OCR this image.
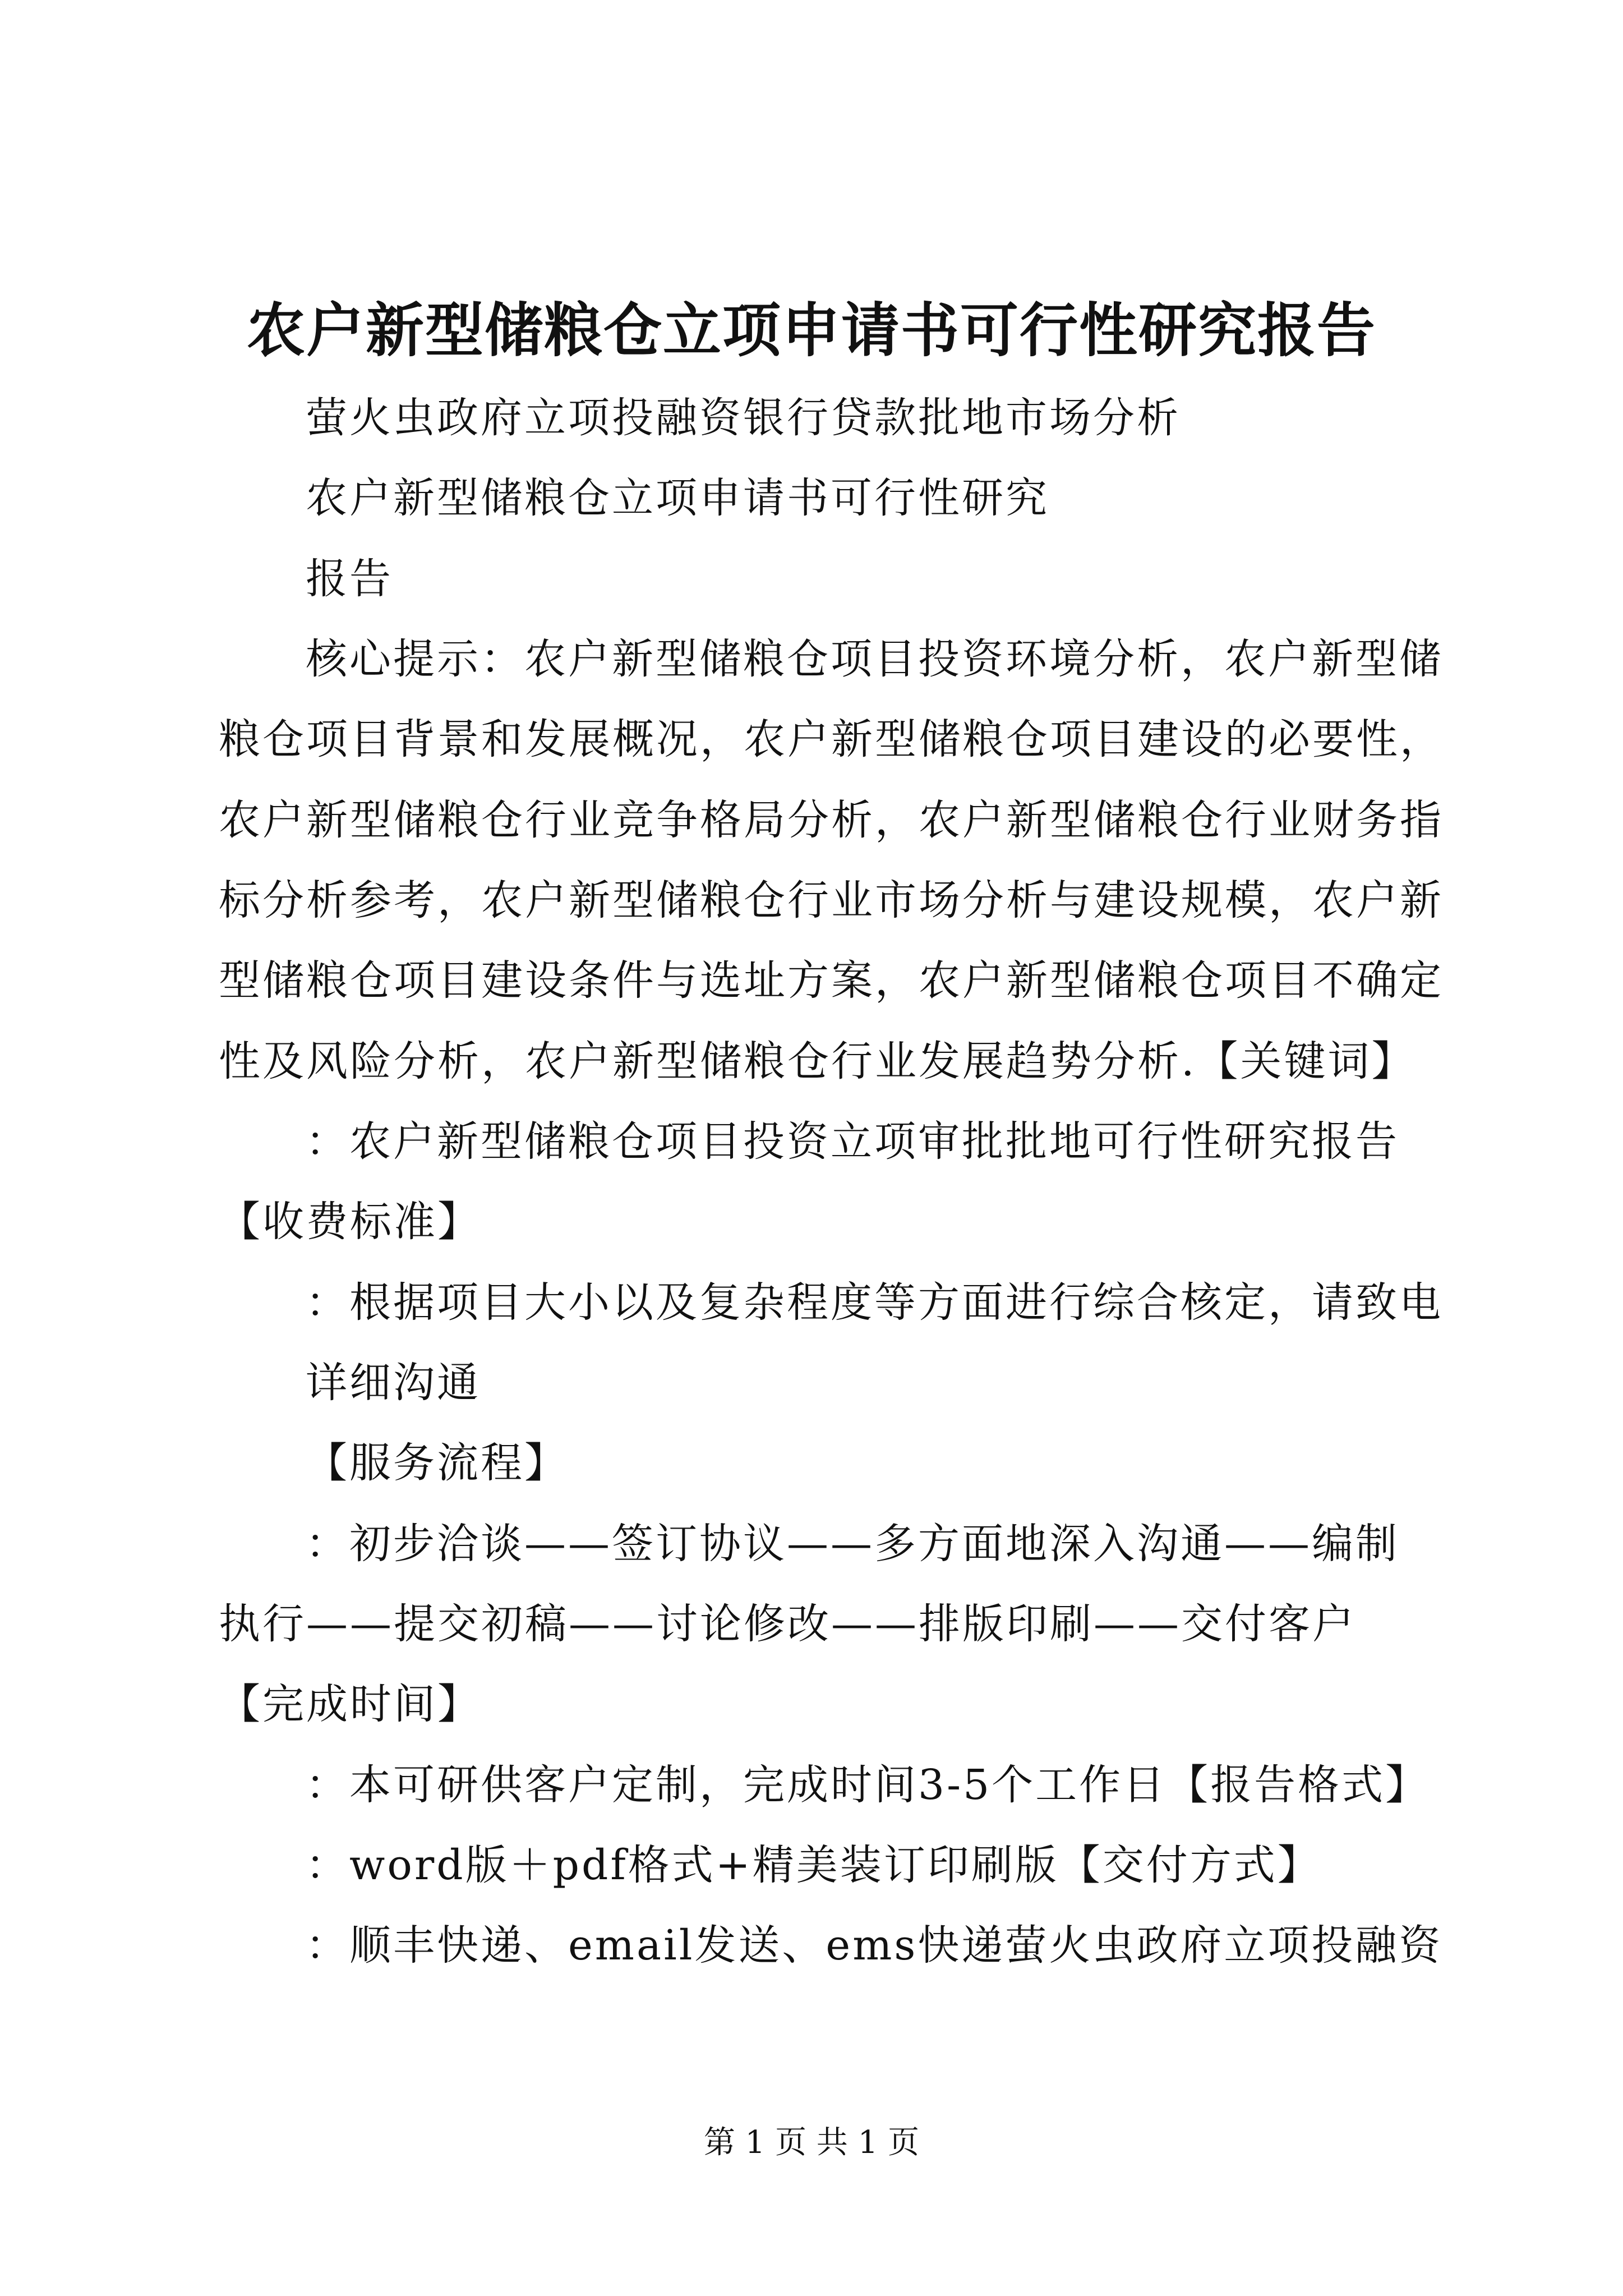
农户新型储粮仓立项申请书可行性研究报告
萤火虫政府立项投融资银行贷款批地市场分析
农户新型储粮仓立项申请书可行性研究
报告
核心提示：农户新型储粮仓项目投资环境分析，农户新型储
粮仓项目背景和发展概况，农户新型储粮仓项目建设的必要性，
农户新型储粮仓行业竞争格局分析，农户新型储粮仓行业财务指
标分析参考，农户新型储粮仓行业市场分析与建设规模，农户新
型储粮仓项目建设条件与选址方案，农户新型储粮仓项目不确定
性及风险分析，农户新型储粮仓行业发展趋势分析.【关键词】
：农户新型储粮仓项目投资立项审批批地可行性研究报告
【收费标准】
：根据项目大小以及复杂程度等方面进行综合核定，请致电
详细沟通
【服务流程】
：初步洽谈——签订协议——多方面地深入沟通——编制
执行——提交初稿——讨论修改——排版印刷——交付客户
【完成时间】
：本可研供客户定制，完成时间3-5个工作日【报告格式】
：word版＋pdf格式+精美装订印刷版【交付方式】
：顺丰快递、email发送、ems快递萤火虫政府立项投融资
第 1 页 共 1 页
